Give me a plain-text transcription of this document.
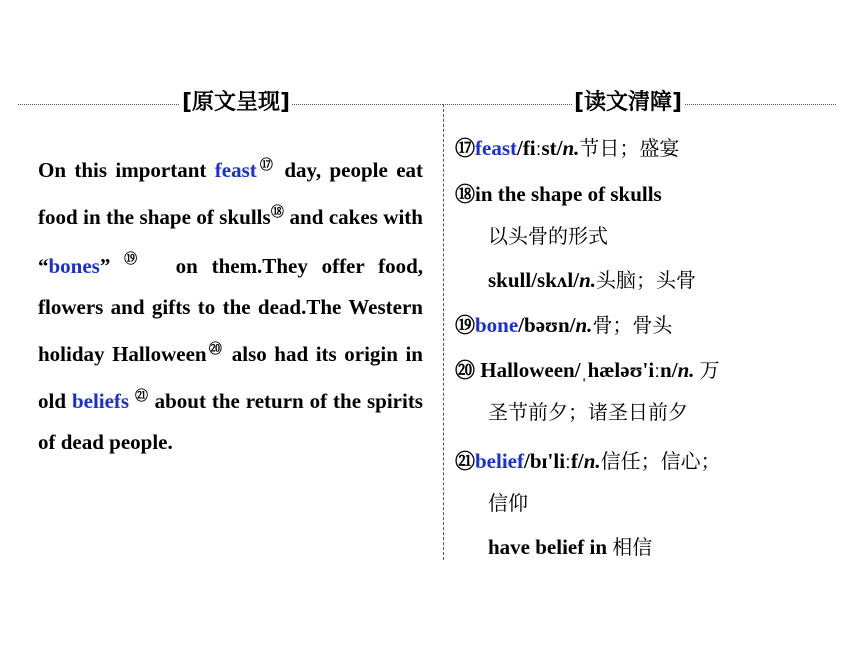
[原文呈现]	[读文清障]
On this important feast⑰ day, people eat food in the shape of skulls⑱ and cakes with “bones” ⑲ on them.They offer food, flowers and gifts to the dead.The Western holiday Halloween⑳ also had its origin in old beliefs $^㉑$ about the return of the spirits of dead people.
⑰feast/fiːst/n.节日；盛宴
⑱in the shape of skulls
以头骨的形式
skull/skʌl/n.头脑；头骨
⑲bone/bəʊn/n.骨；骨头
⑳ Halloween/ˌhæləʊ'iːn/n. 万
圣节前夕；诸圣日前夕
㉑belief/bɪ'liːf/n.信任；信心；
信仰
have belief in 相信
